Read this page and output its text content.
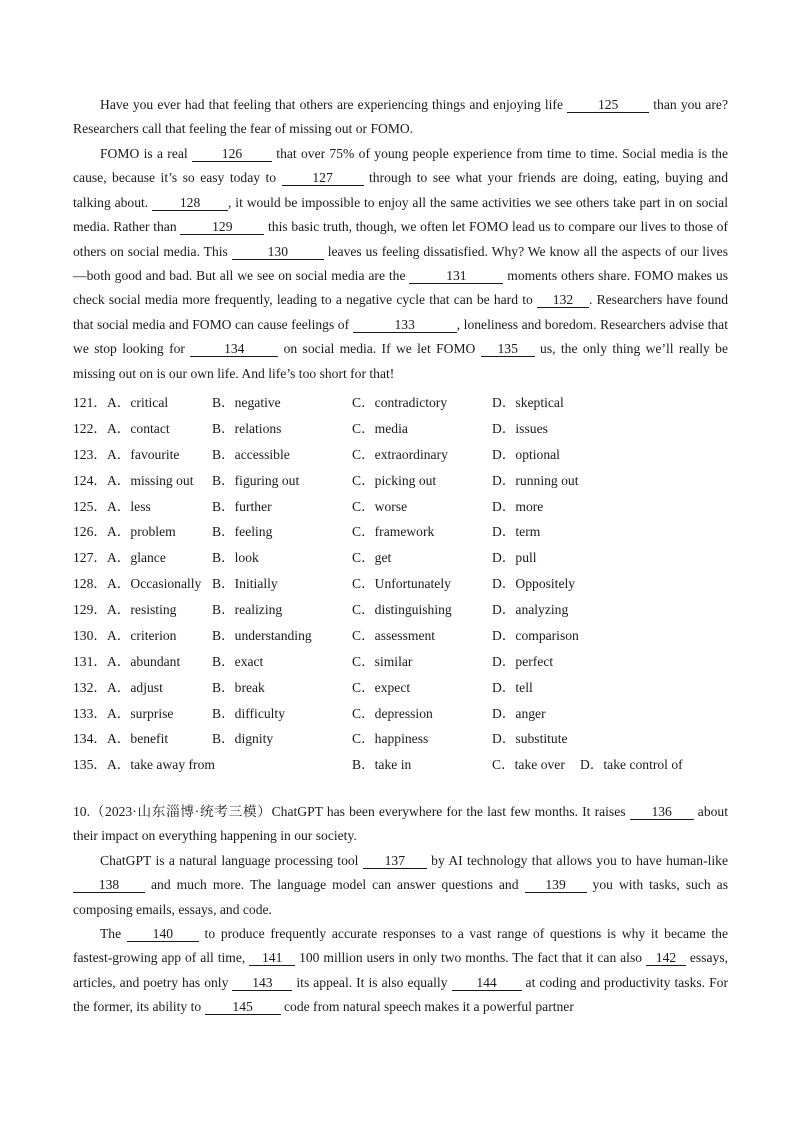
Have you ever had that feeling that others are experiencing things and enjoying life 125 than you are? Researchers call that feeling the fear of missing out or FOMO.

FOMO is a real 126 that over 75% of young people experience from time to time. Social media is the cause, because it’s so easy today to 127 through to see what your friends are doing, eating, buying and talking about. 128 , it would be impossible to enjoy all the same activities we see others take part in on social media. Rather than 129 this basic truth, though, we often let FOMO lead us to compare our lives to those of others on social media. This	130	leaves us feeling dissatisfied. Why? We know all the aspects of our lives—both good and bad. But all we see on social media are the	131	moments others share. FOMO makes us check social media more frequently, leading to a negative cycle that can be hard to 132 . Researchers have found that social media and FOMO can cause feelings of	133	, loneliness and boredom. Researchers advise that we stop looking for 134 on social media. If we let FOMO 135 us, the only thing we’ll really be missing out on is our own life. And life’s too short for that!

121．A．critical	B．negative	C．contradictory	D．skeptical
122．A．contact	B．relations	C．media	D．issues
123．A．favourite B．accessible	C．extraordinary	D．optional
124．A．missing out B．figuring out	C．picking out	D．running out
125．A．less	B．further	C．worse	D．more
126．A．problem	B．feeling	C．framework	D．term
127．A．glance	B．look	C．get	D．pull
128．A．Occasionally B．Initially	C．Unfortunately	D．Oppositely
129．A．resisting	B．realizing	C．distinguishing	D．analyzing
130．A．criterion	B．understanding	C．assessment	D．comparison
131．A．abundant B．exact	C．similar	D．perfect
132．A．adjust	B．break	C．expect	D．tell
133．A．surprise	B．difficulty	C．depression	D．anger
134．A．benefit	B．dignity	C．happiness	D．substitute
135．A．take away from	B．take in	C．take over D．take control of

10.（2023·山东淄博·统考三模）ChatGPT has been everywhere for the last few months. It raises 136 about their impact on everything happening in our society.

ChatGPT is a natural language processing tool 137 by AI technology that allows you to have human-like 138 and much more. The language model can answer questions and 139 you with tasks, such as composing emails, essays, and code.

The 140 to produce frequently accurate responses to a vast range of questions is why it became the fastest-growing app of all time, 141 100 million users in only two months. The fact that it can also 142 essays, articles, and poetry has only 143 its appeal. It is also equally 144 at coding and productivity tasks. For the former, its ability to 145 code from natural speech makes it a powerful partner
